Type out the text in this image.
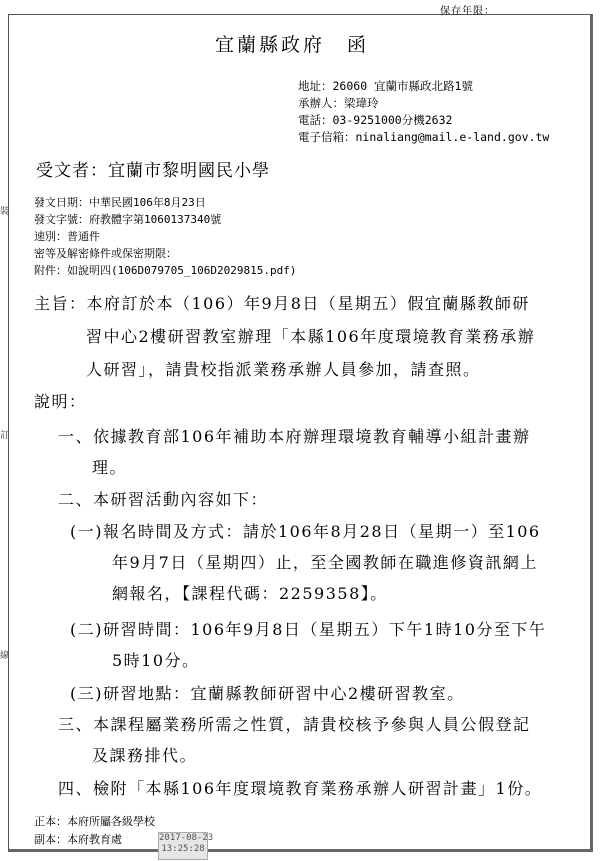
保存年限：
宜蘭縣政府　函
地址：26060 宜蘭市縣政北路1號
承辦人：梁瑋玲
電話：03-9251000分機2632
電子信箱：ninaliang@mail.e-land.gov.tw
受文者：宜蘭市黎明國民小學
發文日期：中華民國106年8月23日
發文字號：府教體字第1060137340號
速別：普通件
密等及解密條件或保密期限：
附件：如說明四(106D079705_106D2029815.pdf)
主旨：本府訂於本（106）年9月8日（星期五）假宜蘭縣教師研
習中心2樓研習教室辦理「本縣106年度環境教育業務承辦
人研習」，請貴校指派業務承辦人員參加，請查照。
說明：
一、依據教育部106年補助本府辦理環境教育輔導小組計畫辦
理。
二、本研習活動內容如下：
(一)報名時間及方式：請於106年8月28日（星期一）至106
年9月7日（星期四）止，至全國教師在職進修資訊網上
網報名，【課程代碼：2259358】。
(二)研習時間：106年9月8日（星期五）下午1時10分至下午
5時10分。
(三)研習地點：宜蘭縣教師研習中心2樓研習教室。
三、本課程屬業務所需之性質，請貴校核予參與人員公假登記
及課務排代。
四、檢附「本縣106年度環境教育業務承辦人研習計畫」1份。
正本：本府所屬各級學校
副本：本府教育處	2017-08-23
13:25:28
裝
訂
線
